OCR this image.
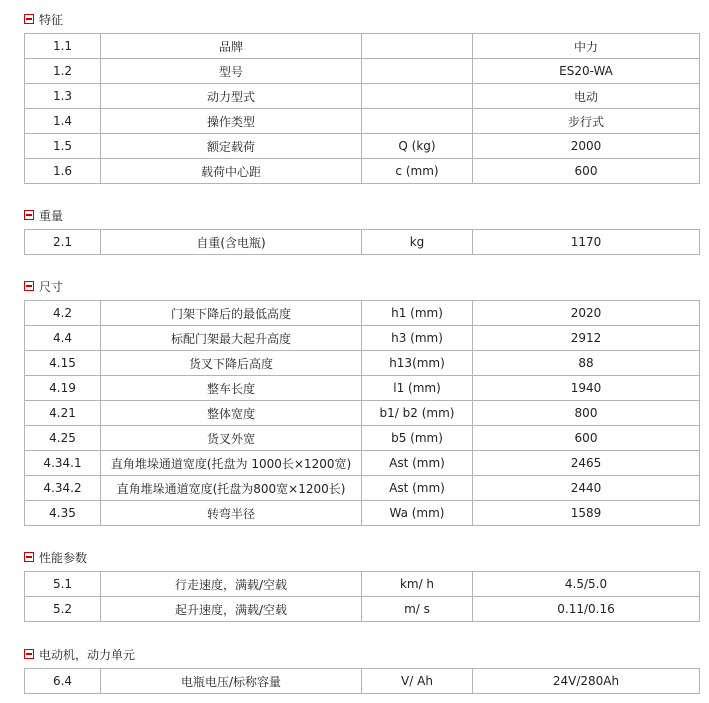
特征
1.1	品牌		中力
1.2	型号		ES20-WA
1.3	动力型式		电动
1.4	操作类型		步行式
1.5	额定载荷	Q (kg)	2000
1.6	载荷中心距	c (mm)	600
重量
2.1	自重(含电瓶)	kg	1170
尺寸
4.2	门架下降后的最低高度	h1 (mm)	2020
4.4	标配门架最大起升高度	h3 (mm)	2912
4.15	货叉下降后高度	h13(mm)	88
4.19	整车长度	l1 (mm)	1940
4.21	整体宽度	b1/ b2 (mm)	800
4.25	货叉外宽	b5 (mm)	600
4.34.1	直角堆垛通道宽度(托盘为 1000长×1200宽)	Ast (mm)	2465
4.34.2	直角堆垛通道宽度(托盘为800宽×1200长)	Ast (mm)	2440
4.35	转弯半径	Wa (mm)	1589
性能参数
5.1	行走速度，满载/空载	km/ h	4.5/5.0
5.2	起升速度，满载/空载	m/ s	0.11/0.16
电动机，动力单元
6.4	电瓶电压/标称容量	V/ Ah	24V/280Ah
